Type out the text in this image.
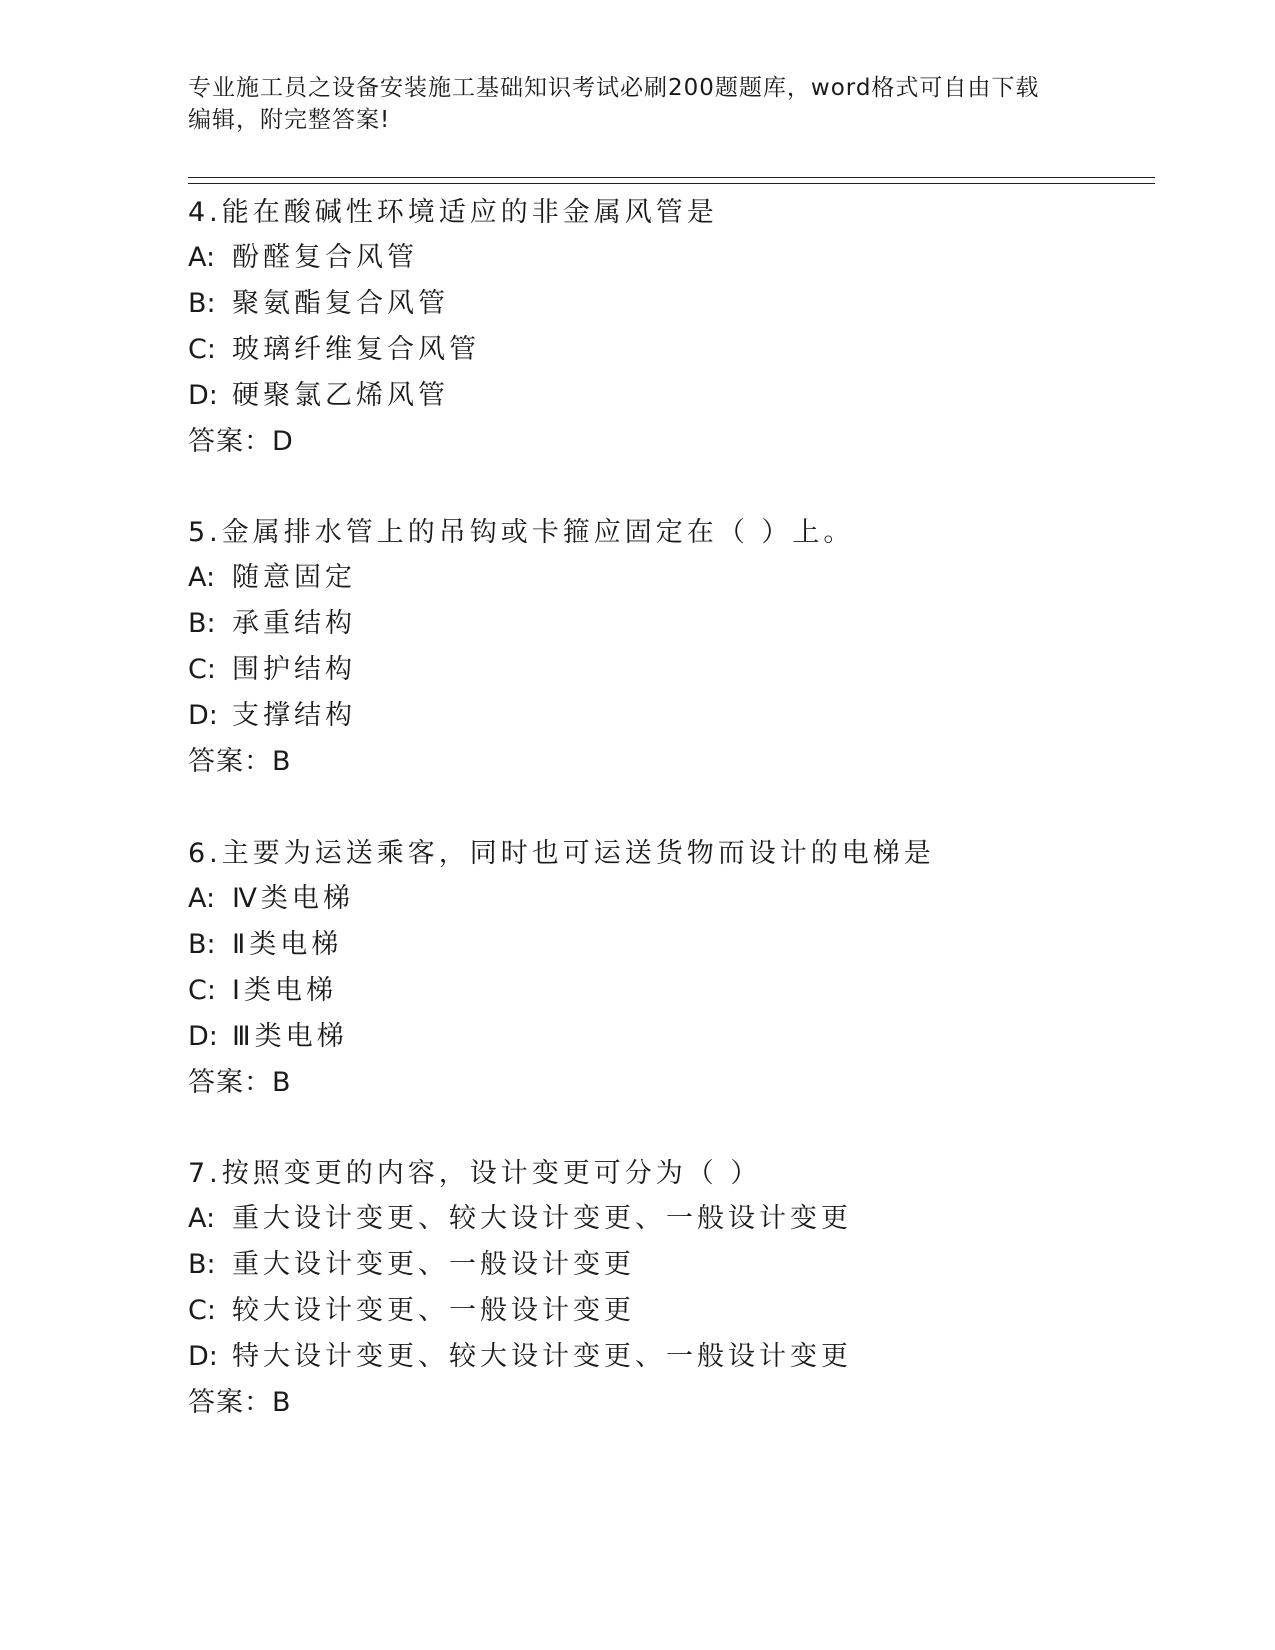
专业施工员之设备安装施工基础知识考试必刷200题题库，word格式可自由下载
编辑，附完整答案!
4.能在酸碱性环境适应的非金属风管是
A: 酚醛复合风管
B: 聚氨酯复合风管
C: 玻璃纤维复合风管
D: 硬聚氯乙烯风管
答案：D
5.金属排水管上的吊钩或卡箍应固定在（ ）上。
A: 随意固定
B: 承重结构
C: 围护结构
D: 支撑结构
答案：B
6.主要为运送乘客，同时也可运送货物而设计的电梯是
A: Ⅳ类电梯
B: Ⅱ类电梯
C: Ⅰ类电梯
D: Ⅲ类电梯
答案：B
7.按照变更的内容，设计变更可分为（ ）
A: 重大设计变更、较大设计变更、一般设计变更
B: 重大设计变更、一般设计变更
C: 较大设计变更、一般设计变更
D: 特大设计变更、较大设计变更、一般设计变更
答案：B
